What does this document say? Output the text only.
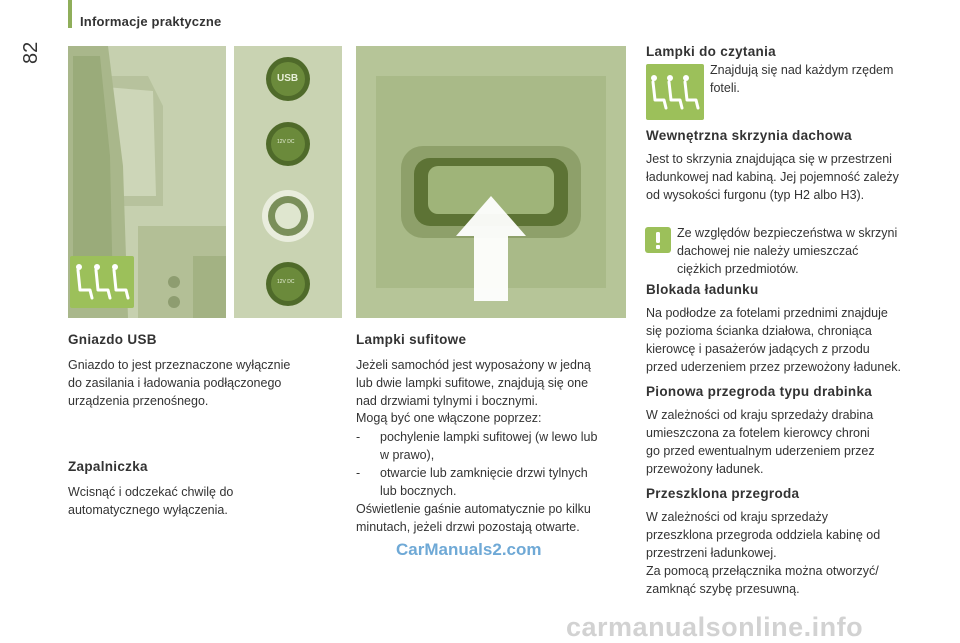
Informacje praktyczne
82
USB
12V DC
12V DC
Gniazdo USB

Gniazdo to jest przeznaczone wyłącznie
do zasilania i ładowania podłączonego
urządzenia przenośnego.

Zapalniczka

Wcisnąć i odczekać chwilę do
automatycznego wyłączenia.

Lampki sufitowe

Jeżeli samochód jest wyposażony w jedną
lub dwie lampki sufitowe, znajdują się one
nad drzwiami tylnymi i bocznymi.

Mogą być one włączone poprzez:

- pochylenie lampki sufitowej (w lewo lub
w prawo),
- otwarcie lub zamknięcie drzwi tylnych
lub bocznych.

Oświetlenie gaśnie automatycznie po kilku
minutach, jeżeli drzwi pozostają otwarte.

Lampki do czytania

Znajdują się nad każdym rzędem
foteli.

Wewnętrzna skrzynia dachowa

Jest to skrzynia znajdująca się w przestrzeni
ładunkowej nad kabiną. Jej pojemność zależy
od wysokości furgonu (typ H2 albo H3).

Ze względów bezpieczeństwa w skrzyni
dachowej nie należy umieszczać
ciężkich przedmiotów.

Blokada ładunku

Na podłodze za fotelami przednimi znajduje
się pozioma ścianka działowa, chroniąca
kierowcę i pasażerów jadących z przodu
przed uderzeniem przez przewożony ładunek.

Pionowa przegroda typu drabinka

W zależności od kraju sprzedaży drabina
umieszczona za fotelem kierowcy chroni
go przed ewentualnym uderzeniem przez
przewożony ładunek.

Przeszklona przegroda

W zależności od kraju sprzedaży
przeszklona przegroda oddziela kabinę od
przestrzeni ładunkowej.

Za pomocą przełącznika można otworzyć/
zamknąć szybę przesuwną.

CarManuals2.com
carmanualsonline.info
